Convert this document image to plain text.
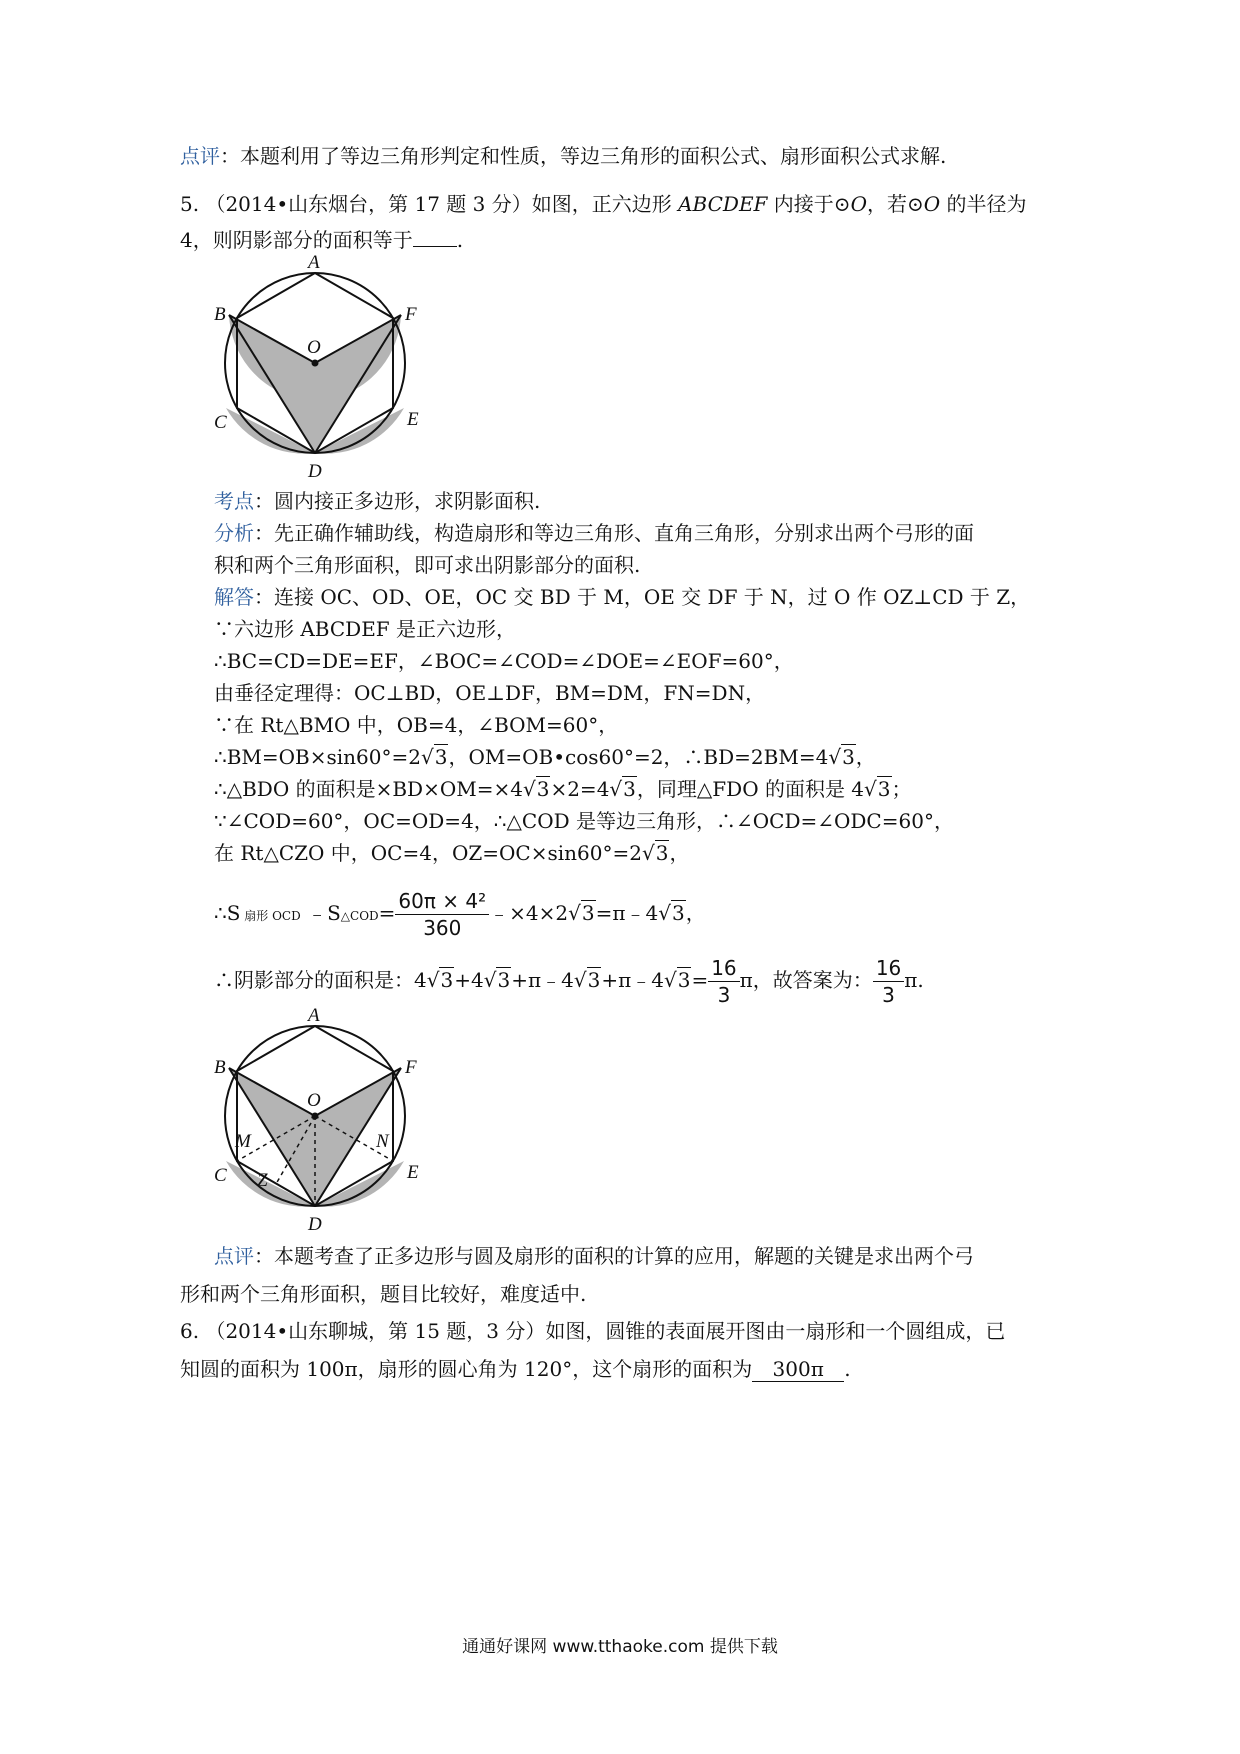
点评：本题利用了等边三角形判定和性质，等边三角形的面积公式、扇形面积公式求解.
5. （2014•山东烟台，第 17 题 3 分）如图，正六边形 ABCDEF 内接于⊙O，若⊙O 的半径为
4，则阴影部分的面积等于 .
A
B	F
O
C	E
D
考点：圆内接正多边形，求阴影面积.
分析：先正确作辅助线，构造扇形和等边三角形、直角三角形，分别求出两个弓形的面
积和两个三角形面积，即可求出阴影部分的面积.
解答：连接 OC、OD、OE，OC 交 BD 于 M，OE 交 DF 于 N，过 O 作 OZ⊥CD 于 Z，
∵六边形 ABCDEF 是正六边形，
∴BC=CD=DE=EF，∠BOC=∠COD=∠DOE=∠EOF=60°，
由垂径定理得：OC⊥BD，OE⊥DF，BM=DM，FN=DN，
∵在 Rt△BMO 中，OB=4，∠BOM=60°，
∴BM=OB×sin60°=2√3，OM=OB•cos60°=2，∴BD=2BM=4√3，
∴△BDO 的面积是×BD×OM=×4√3×2=4√3，同理△FDO 的面积是 4√3；
∵∠COD=60°，OC=OD=4，∴△COD 是等边三角形，∴∠OCD=∠ODC=60°，
在 Rt△CZO 中，OC=4，OZ=OC×sin60°=2√3，
∴S 扇形 OCD ﹣S△COD= $\frac{\text{60π × 4²}}{360}$ ﹣×4×2√3=π﹣4√3，
∴阴影部分的面积是：4√3+4√3+π﹣4√3+π﹣4√3= $\frac{16}{3}$ π，故答案为： $\frac{16}{3} \pi$.
A
B	F
O
M	N
Z
C	E
D
点评：本题考查了正多边形与圆及扇形的面积的计算的应用，解题的关键是求出两个弓
形和两个三角形面积，题目比较好，难度适中.
6. （2014•山东聊城，第 15 题，3 分）如图，圆锥的表面展开图由一扇形和一个圆组成，已
知圆的面积为 100π，扇形的圆心角为 120°，这个扇形的面积为 300π .
通通好课网 www.tthaoke.com 提供下载
